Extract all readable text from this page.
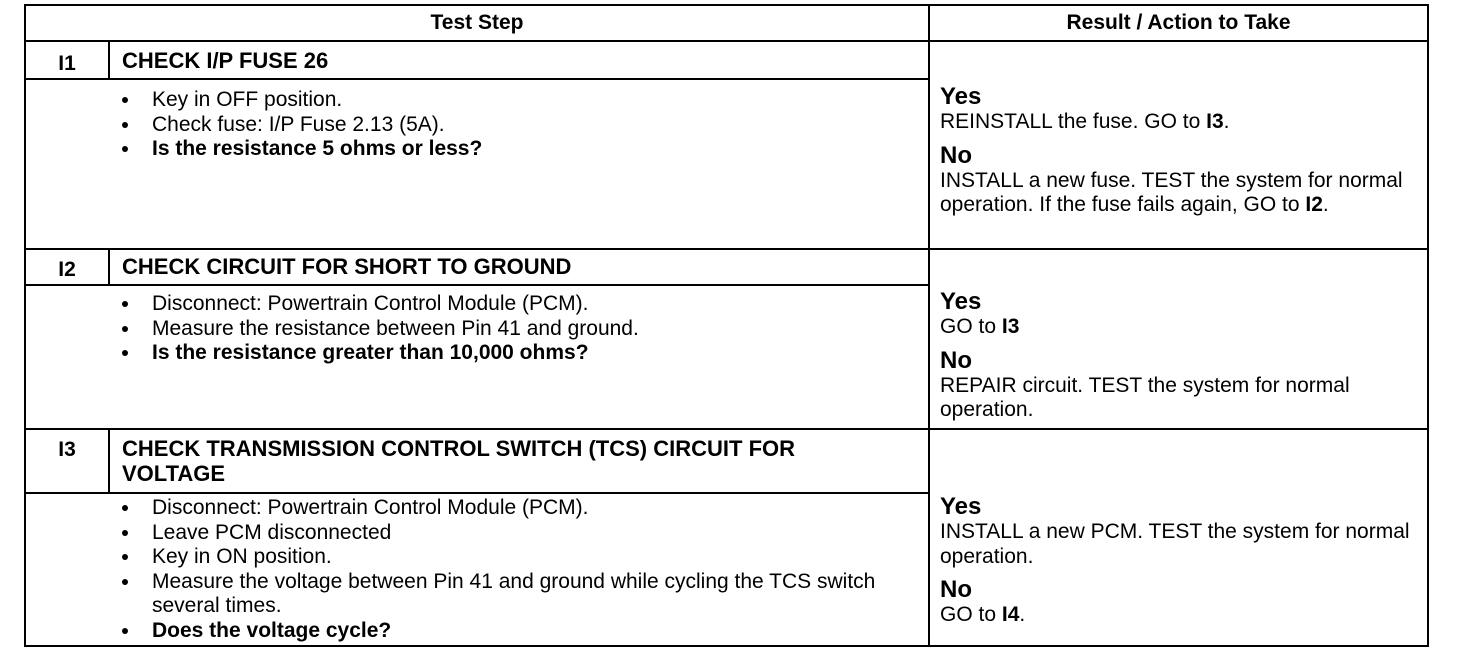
Test Step	Result / Action to Take
I1	CHECK I/P FUSE 26
Key in OFF position.
Check fuse: I/P Fuse 2.13 (5A).
Is the resistance 5 ohms or less?
Yes
REINSTALL the fuse. GO to I3.
No
INSTALL a new fuse. TEST the system for normal operation. If the fuse fails again, GO to I2.
I2	CHECK CIRCUIT FOR SHORT TO GROUND
Disconnect: Powertrain Control Module (PCM).
Measure the resistance between Pin 41 and ground.
Is the resistance greater than 10,000 ohms?
Yes
GO to I3
No
REPAIR circuit. TEST the system for normal operation.
I3	CHECK TRANSMISSION CONTROL SWITCH (TCS) CIRCUIT FOR VOLTAGE
Disconnect: Powertrain Control Module (PCM).
Leave PCM disconnected
Key in ON position.
Measure the voltage between Pin 41 and ground while cycling the TCS switch several times.
Does the voltage cycle?
Yes
INSTALL a new PCM. TEST the system for normal operation.
No
GO to I4.
